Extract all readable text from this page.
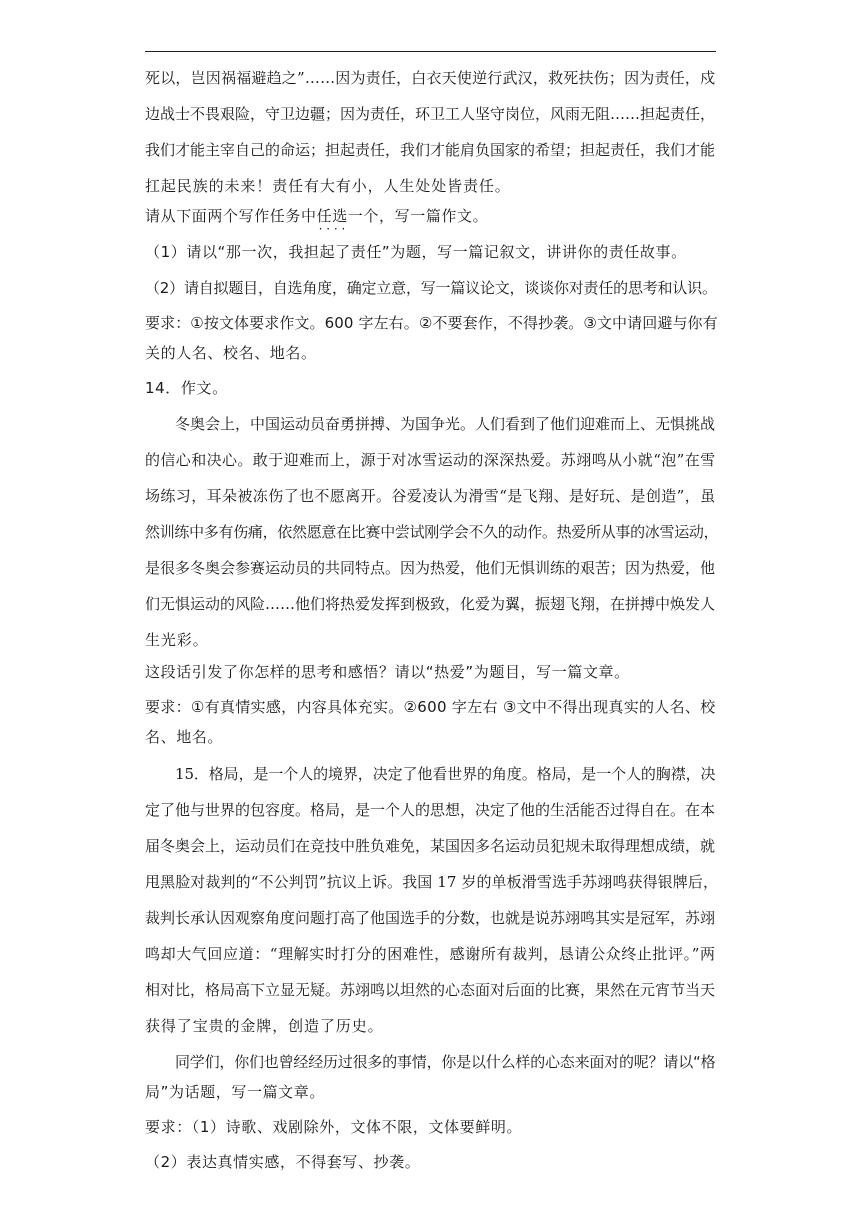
死以，岂因祸福避趋之”……因为责任，白衣天使逆行武汉，救死扶伤；因为责任，戍
边战士不畏艰险，守卫边疆；因为责任，环卫工人坚守岗位，风雨无阻……担起责任，
我们才能主宰自己的命运；担起责任，我们才能肩负国家的希望；担起责任，我们才能
扛起民族的未来！责任有大有小，人生处处皆责任。
请从下面两个写作任务中任选一个 · ·，写一篇作文。
（1）请以“那一次，我担起了责任”为题，写一篇记叙文，讲讲你的责任故事。
（2）请自拟题目，自选角度，确定立意，写一篇议论文，谈谈你对责任的思考和认识。
要求：①按文体要求作文。600 字左右。②不要套作，不得抄袭。③文中请回避与你有
关的人名、校名、地名。
14．作文。
冬奥会上，中国运动员奋勇拼搏、为国争光。人们看到了他们迎难而上、无惧挑战
的信心和决心。敢于迎难而上，源于对冰雪运动的深深热爱。苏翊鸣从小就“泡”在雪
场练习，耳朵被冻伤了也不愿离开。谷爱凌认为滑雪“是飞翔、是好玩、是创造”，虽
然训练中多有伤痛，依然愿意在比赛中尝试刚学会不久的动作。热爱所从事的冰雪运动，
是很多冬奥会参赛运动员的共同特点。因为热爱，他们无惧训练的艰苦；因为热爱，他
们无惧运动的风险……他们将热爱发挥到极致，化爱为翼，振翅飞翔，在拼搏中焕发人
生光彩。
这段话引发了你怎样的思考和感悟？请以“热爱”为题目，写一篇文章。
要求：①有真情实感，内容具体充实。②600 字左右 ③文中不得出现真实的人名、校
名、地名。
15．格局，是一个人的境界，决定了他看世界的角度。格局，是一个人的胸襟，决
定了他与世界的包容度。格局，是一个人的思想，决定了他的生活能否过得自在。在本
届冬奥会上，运动员们在竞技中胜负难免，某国因多名运动员犯规未取得理想成绩，就
甩黑脸对裁判的“不公判罚”抗议上诉。我国 17 岁的单板滑雪选手苏翊鸣获得银牌后，
裁判长承认因观察角度问题打高了他国选手的分数，也就是说苏翊鸣其实是冠军，苏翊
鸣却大气回应道：“理解实时打分的困难性，感谢所有裁判，恳请公众终止批评。”两
相对比，格局高下立显无疑。苏翊鸣以坦然的心态面对后面的比赛，果然在元宵节当天
获得了宝贵的金牌，创造了历史。
同学们，你们也曾经经历过很多的事情，你是以什么样的心态来面对的呢？请以“格
局”为话题，写一篇文章。
要求：（1）诗歌、戏剧除外，文体不限，文体要鲜明。
（2）表达真情实感，不得套写、抄袭。
